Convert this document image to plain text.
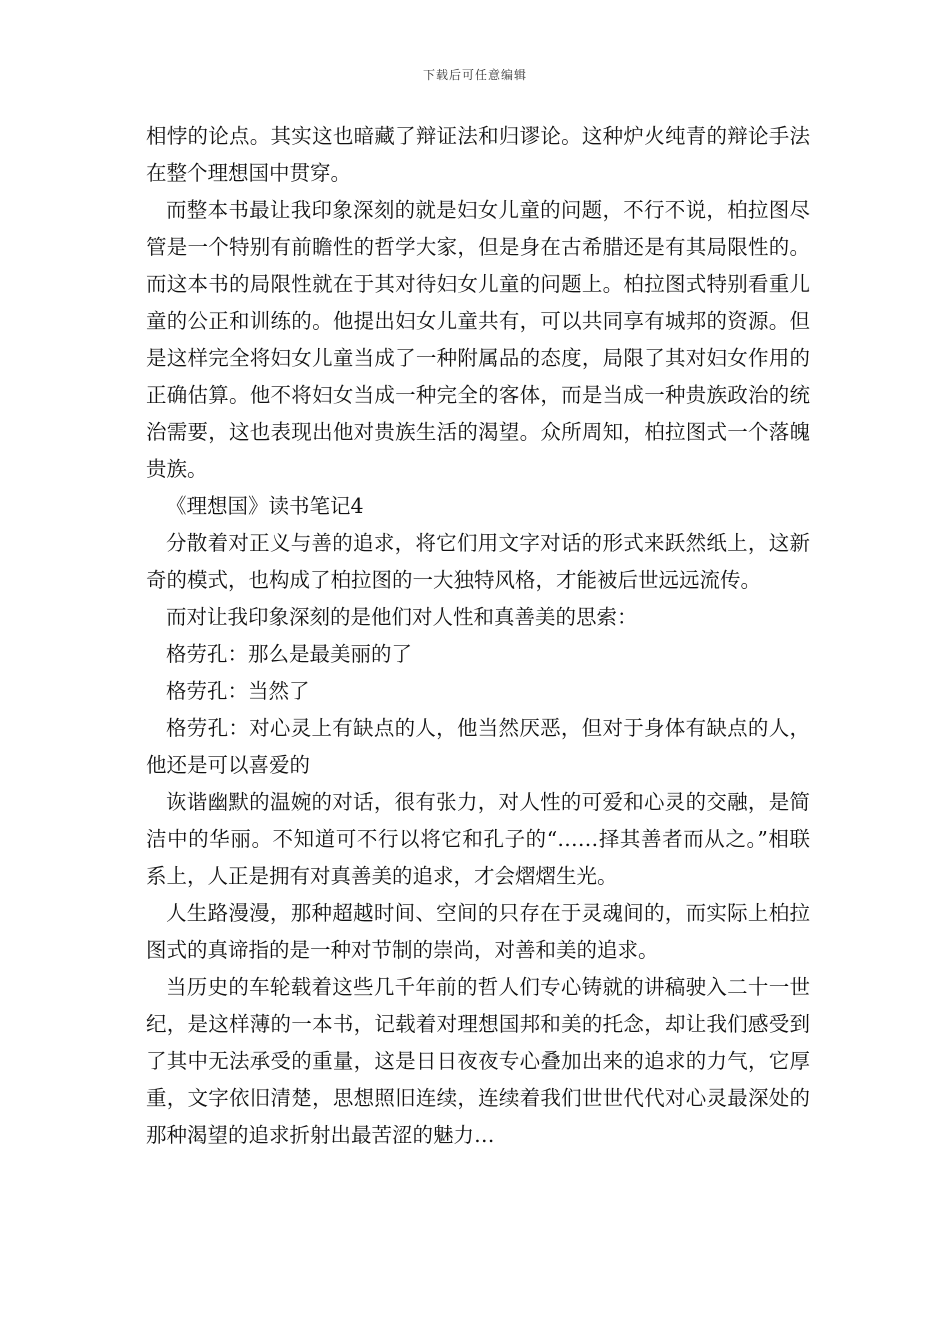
下载后可任意编辑

相悖的论点。其实这也暗藏了辩证法和归谬论。这种炉火纯青的辩论手法在整个理想国中贯穿。

而整本书最让我印象深刻的就是妇女儿童的问题，不行不说，柏拉图尽管是一个特别有前瞻性的哲学大家，但是身在古希腊还是有其局限性的。而这本书的局限性就在于其对待妇女儿童的问题上。柏拉图式特别看重儿童的公正和训练的。他提出妇女儿童共有，可以共同享有城邦的资源。但是这样完全将妇女儿童当成了一种附属品的态度，局限了其对妇女作用的正确估算。他不将妇女当成一种完全的客体，而是当成一种贵族政治的统治需要，这也表现出他对贵族生活的渴望。众所周知，柏拉图式一个落魄贵族。

《理想国》读书笔记4

分散着对正义与善的追求，将它们用文字对话的形式来跃然纸上，这新奇的模式，也构成了柏拉图的一大独特风格，才能被后世远远流传。

而对让我印象深刻的是他们对人性和真善美的思索：

格劳孔：那么是最美丽的了

格劳孔：当然了

格劳孔：对心灵上有缺点的人，他当然厌恶，但对于身体有缺点的人，他还是可以喜爱的

诙谐幽默的温婉的对话，很有张力，对人性的可爱和心灵的交融，是简洁中的华丽。不知道可不行以将它和孔子的“……择其善者而从之。”相联系上，人正是拥有对真善美的追求，才会熠熠生光。

人生路漫漫，那种超越时间、空间的只存在于灵魂间的，而实际上柏拉图式的真谛指的是一种对节制的崇尚，对善和美的追求。

当历史的车轮载着这些几千年前的哲人们专心铸就的讲稿驶入二十一世纪，是这样薄的一本书，记载着对理想国邦和美的托念，却让我们感受到了其中无法承受的重量，这是日日夜夜专心叠加出来的追求的力气，它厚重，文字依旧清楚，思想照旧连续，连续着我们世世代代对心灵最深处的那种渴望的追求折射出最苦涩的魅力…
